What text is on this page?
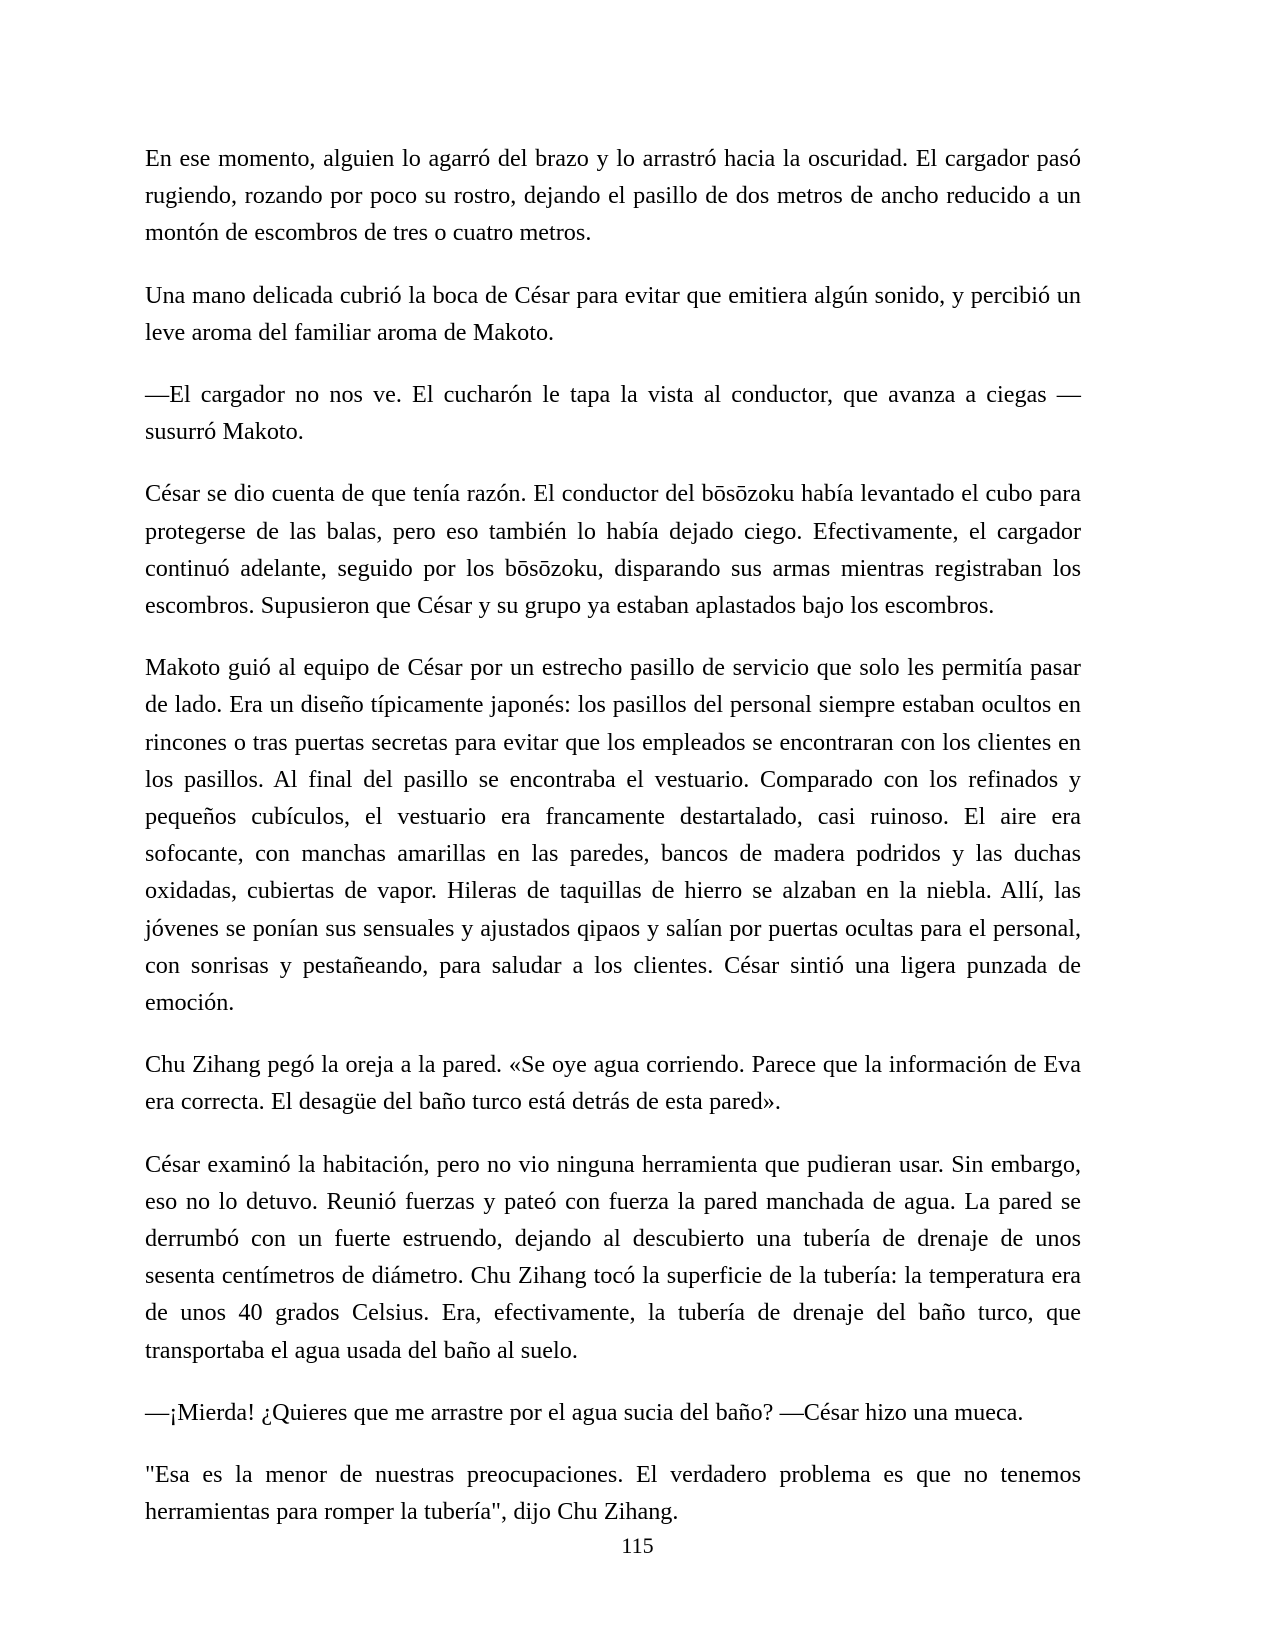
En ese momento, alguien lo agarró del brazo y lo arrastró hacia la oscuridad. El cargador pasó rugiendo, rozando por poco su rostro, dejando el pasillo de dos metros de ancho reducido a un montón de escombros de tres o cuatro metros.

Una mano delicada cubrió la boca de César para evitar que emitiera algún sonido, y percibió un leve aroma del familiar aroma de Makoto.

—El cargador no nos ve. El cucharón le tapa la vista al conductor, que avanza a ciegas —susurró Makoto.

César se dio cuenta de que tenía razón. El conductor del bōsōzoku había levantado el cubo para protegerse de las balas, pero eso también lo había dejado ciego. Efectivamente, el cargador continuó adelante, seguido por los bōsōzoku, disparando sus armas mientras registraban los escombros. Supusieron que César y su grupo ya estaban aplastados bajo los escombros.

Makoto guió al equipo de César por un estrecho pasillo de servicio que solo les permitía pasar de lado. Era un diseño típicamente japonés: los pasillos del personal siempre estaban ocultos en rincones o tras puertas secretas para evitar que los empleados se encontraran con los clientes en los pasillos. Al final del pasillo se encontraba el vestuario. Comparado con los refinados y pequeños cubículos, el vestuario era francamente destartalado, casi ruinoso. El aire era sofocante, con manchas amarillas en las paredes, bancos de madera podridos y las duchas oxidadas, cubiertas de vapor. Hileras de taquillas de hierro se alzaban en la niebla. Allí, las jóvenes se ponían sus sensuales y ajustados qipaos y salían por puertas ocultas para el personal, con sonrisas y pestañeando, para saludar a los clientes. César sintió una ligera punzada de emoción.

Chu Zihang pegó la oreja a la pared. «Se oye agua corriendo. Parece que la información de Eva era correcta. El desagüe del baño turco está detrás de esta pared».

César examinó la habitación, pero no vio ninguna herramienta que pudieran usar. Sin embargo, eso no lo detuvo. Reunió fuerzas y pateó con fuerza la pared manchada de agua. La pared se derrumbó con un fuerte estruendo, dejando al descubierto una tubería de drenaje de unos sesenta centímetros de diámetro. Chu Zihang tocó la superficie de la tubería: la temperatura era de unos 40 grados Celsius. Era, efectivamente, la tubería de drenaje del baño turco, que transportaba el agua usada del baño al suelo.

—¡Mierda! ¿Quieres que me arrastre por el agua sucia del baño? —César hizo una mueca.

"Esa es la menor de nuestras preocupaciones. El verdadero problema es que no tenemos herramientas para romper la tubería", dijo Chu Zihang.

115
